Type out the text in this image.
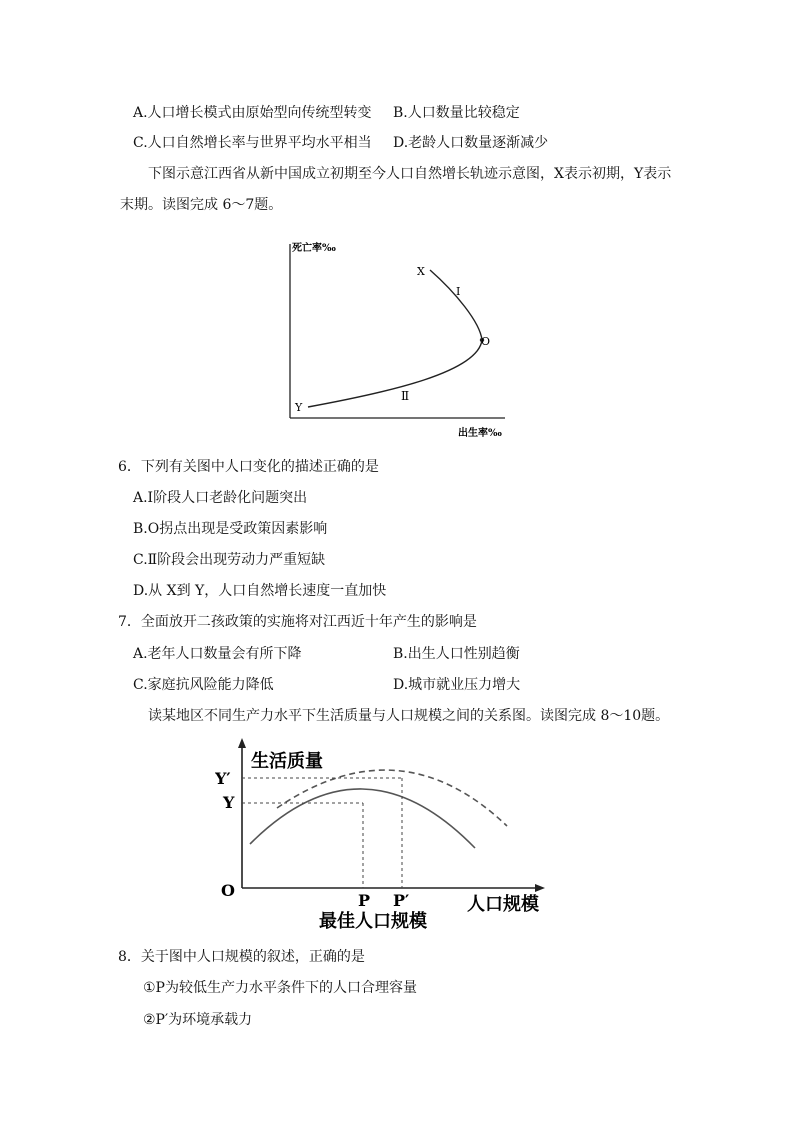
A.人口增长模式由原始型向传统型转变 B.人口数量比较稳定
C.人口自然增长率与世界平均水平相当 D.老龄人口数量逐渐减少
下图示意江西省从新中国成立初期至今人口自然增长轨迹示意图，X表示初期，Y表示
末期。读图完成 6～7题。
死亡率‰
出生率‰
X
Ⅰ
O
Y
Ⅱ
6．下列有关图中人口变化的描述正确的是
A.Ⅰ阶段人口老龄化问题突出
B.O拐点出现是受政策因素影响
C.Ⅱ阶段会出现劳动力严重短缺
D.从 X到 Y，人口自然增长速度一直加快
7．全面放开二孩政策的实施将对江西近十年产生的影响是
A.老年人口数量会有所下降	B.出生人口性别趋衡
C.家庭抗风险能力降低	D.城市就业压力增大
读某地区不同生产力水平下生活质量与人口规模之间的关系图。读图完成 8～10题。
生活质量
Y′
Y
O
P P′	人口规模
最佳人口规模
8．关于图中人口规模的叙述，正确的是
①P为较低生产力水平条件下的人口合理容量
②P′为环境承载力
